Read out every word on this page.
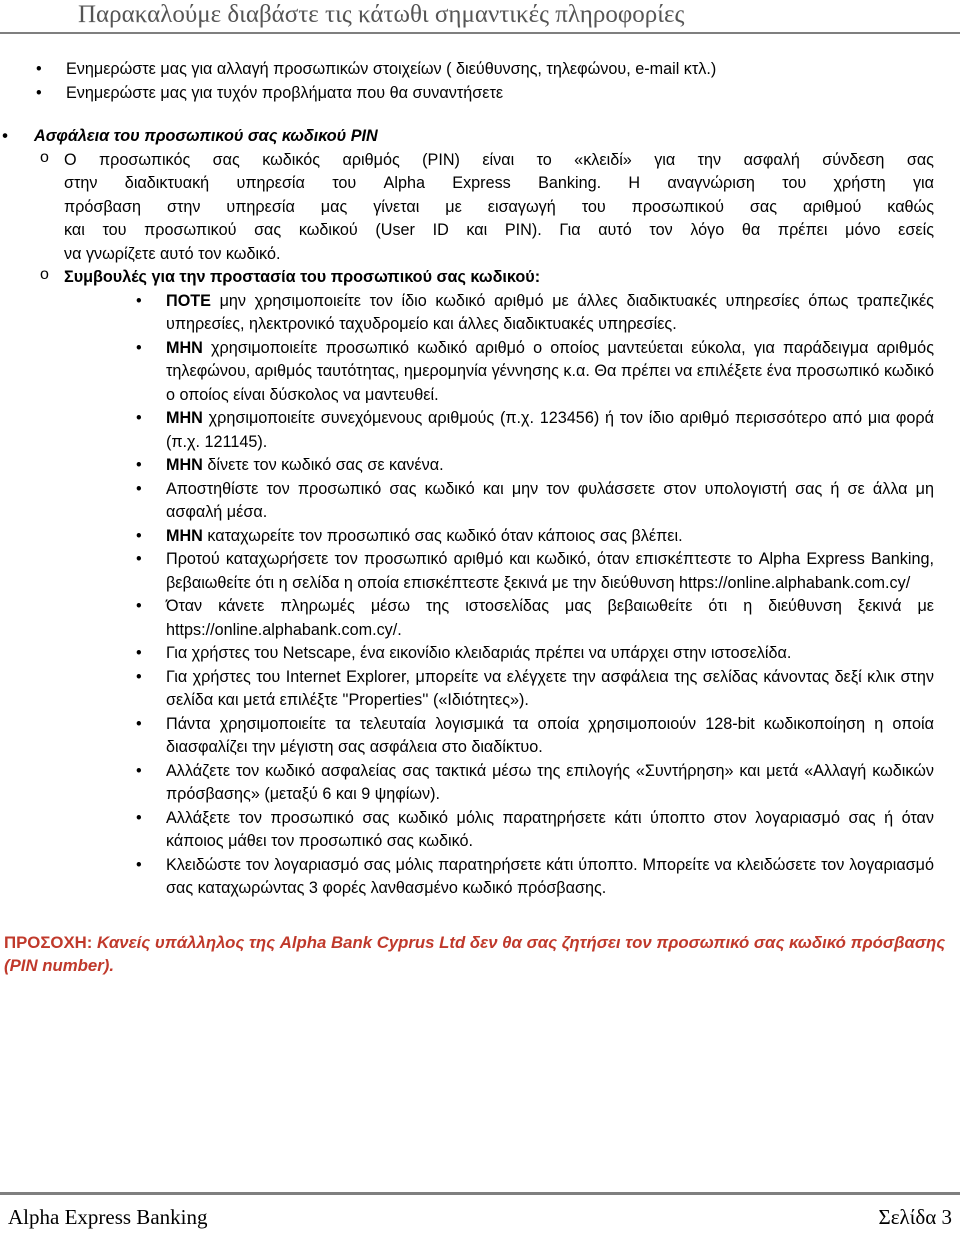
Παρακαλούμε διαβάστε τις κάτωθι σημαντικές πληροφορίες
• Ενημερώστε μας για αλλαγή προσωπικών στοιχείων ( διεύθυνσης, τηλεφώνου, e-mail κτλ.)
• Ενημερώστε μας για τυχόν προβλήματα που θα συναντήσετε
• Ασφάλεια του προσωπικού σας κωδικού PIN
o Ο προσωπικός σας κωδικός αριθμός (PIN) είναι το «κλειδί» για την ασφαλή σύνδεση σας
στην διαδικτυακή υπηρεσία του Alpha Express Banking. Η αναγνώριση του χρήστη για
πρόσβαση στην υπηρεσία μας γίνεται με εισαγωγή του προσωπικού σας αριθμού καθώς
και του προσωπικού σας κωδικού (User ID και PIN). Για αυτό τον λόγο θα πρέπει μόνο εσείς
να γνωρίζετε αυτό τον κωδικό.
o Συμβουλές για την προστασία του προσωπικού σας κωδικού:
• ΠΟΤΕ μην χρησιμοποιείτε τον ίδιο κωδικό αριθμό με άλλες διαδικτυακές υπηρεσίες όπως τραπεζικές υπηρεσίες, ηλεκτρονικό ταχυδρομείο και άλλες διαδικτυακές υπηρεσίες.
• ΜΗΝ χρησιμοποιείτε προσωπικό κωδικό αριθμό ο οποίος μαντεύεται εύκολα, για παράδειγμα αριθμός τηλεφώνου, αριθμός ταυτότητας, ημερομηνία γέννησης κ.α. Θα πρέπει να επιλέξετε ένα προσωπικό κωδικό ο οποίος είναι δύσκολος να μαντευθεί.
• ΜΗΝ χρησιμοποιείτε συνεχόμενους αριθμούς (π.χ. 123456) ή τον ίδιο αριθμό περισσότερο από μια φορά (π.χ. 121145).
• ΜΗΝ δίνετε τον κωδικό σας σε κανένα.
• Αποστηθίστε τον προσωπικό σας κωδικό και μην τον φυλάσσετε στον υπολογιστή σας ή σε άλλα μη ασφαλή μέσα.
• ΜΗΝ καταχωρείτε τον προσωπικό σας κωδικό όταν κάποιος σας βλέπει.
• Προτού καταχωρήσετε τον προσωπικό αριθμό και κωδικό, όταν επισκέπτεστε το Alpha Express Banking, βεβαιωθείτε ότι η σελίδα η οποία επισκέπτεστε ξεκινά με την διεύθυνση https://online.alphabank.com.cy/
• Όταν κάνετε πληρωμές μέσω της ιστοσελίδας μας βεβαιωθείτε ότι η διεύθυνση ξεκινά με https://online.alphabank.com.cy/.
• Για χρήστες του Netscape, ένα εικονίδιο κλειδαριάς πρέπει να υπάρχει στην ιστοσελίδα.
• Για χρήστες του Internet Explorer, μπορείτε να ελέγχετε την ασφάλεια της σελίδας κάνοντας δεξί κλικ στην σελίδα και μετά επιλέξτε ''Properties'' («Ιδιότητες»).
• Πάντα χρησιμοποιείτε τα τελευταία λογισμικά τα οποία χρησιμοποιούν 128-bit κωδικοποίηση η οποία διασφαλίζει την μέγιστη σας ασφάλεια στο διαδίκτυο.
• Αλλάζετε τον κωδικό ασφαλείας σας τακτικά μέσω της επιλογής «Συντήρηση» και μετά «Αλλαγή κωδικών πρόσβασης» (μεταξύ 6 και 9 ψηφίων).
• Αλλάξετε τον προσωπικό σας κωδικό μόλις παρατηρήσετε κάτι ύποπτο στον λογαριασμό σας ή όταν κάποιος μάθει τον προσωπικό σας κωδικό.
• Κλειδώστε τον λογαριασμό σας μόλις παρατηρήσετε κάτι ύποπτο. Μπορείτε να κλειδώσετε τον λογαριασμό σας καταχωρώντας 3 φορές λανθασμένο κωδικό πρόσβασης.
ΠΡΟΣΟΧΗ: Κανείς υπάλληλος της Alpha Bank Cyprus Ltd δεν θα σας ζητήσει τον προσωπικό σας κωδικό πρόσβασης (PIN number).
Alpha Express Banking	Σελίδα 3
